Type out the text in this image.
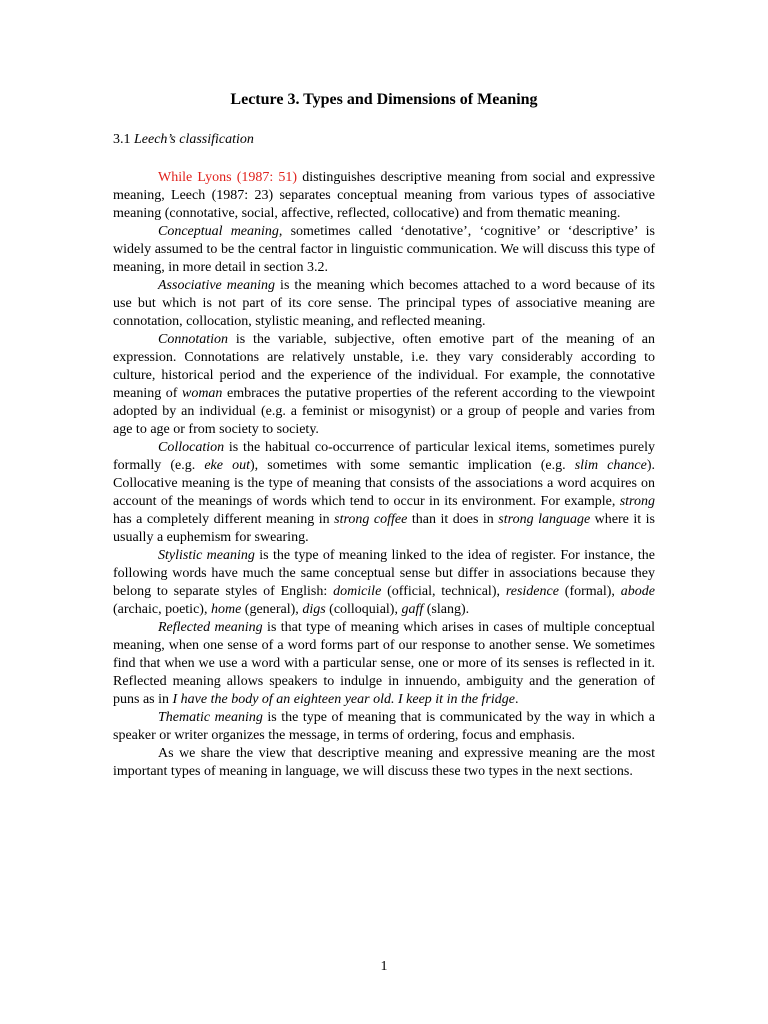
Lecture 3. Types and Dimensions of Meaning
3.1 Leech’s classification

While Lyons (1987: 51) distinguishes descriptive meaning from social and expressive meaning, Leech (1987: 23) separates conceptual meaning from various types of associative meaning (connotative, social, affective, reflected, collocative) and from thematic meaning.

Conceptual meaning, sometimes called ‘denotative’, ‘cognitive’ or ‘descriptive’ is widely assumed to be the central factor in linguistic communication. We will discuss this type of meaning, in more detail in section 3.2.

Associative meaning is the meaning which becomes attached to a word because of its use but which is not part of its core sense. The principal types of associative meaning are connotation, collocation, stylistic meaning, and reflected meaning.

Connotation is the variable, subjective, often emotive part of the meaning of an expression. Connotations are relatively unstable, i.e. they vary considerably according to culture, historical period and the experience of the individual. For example, the connotative meaning of woman embraces the putative properties of the referent according to the viewpoint adopted by an individual (e.g. a feminist or misogynist) or a group of people and varies from age to age or from society to society.

Collocation is the habitual co-occurrence of particular lexical items, sometimes purely formally (e.g. eke out), sometimes with some semantic implication (e.g. slim chance). Collocative meaning is the type of meaning that consists of the associations a word acquires on account of the meanings of words which tend to occur in its environment. For example, strong has a completely different meaning in strong coffee than it does in strong language where it is usually a euphemism for swearing.

Stylistic meaning is the type of meaning linked to the idea of register. For instance, the following words have much the same conceptual sense but differ in associations because they belong to separate styles of English: domicile (official, technical), residence (formal), abode (archaic, poetic), home (general), digs (colloquial), gaff (slang).

Reflected meaning is that type of meaning which arises in cases of multiple conceptual meaning, when one sense of a word forms part of our response to another sense. We sometimes find that when we use a word with a particular sense, one or more of its senses is reflected in it. Reflected meaning allows speakers to indulge in innuendo, ambiguity and the generation of puns as in I have the body of an eighteen year old. I keep it in the fridge.

Thematic meaning is the type of meaning that is communicated by the way in which a speaker or writer organizes the message, in terms of ordering, focus and emphasis.

As we share the view that descriptive meaning and expressive meaning are the most important types of meaning in language, we will discuss these two types in the next sections.

1
